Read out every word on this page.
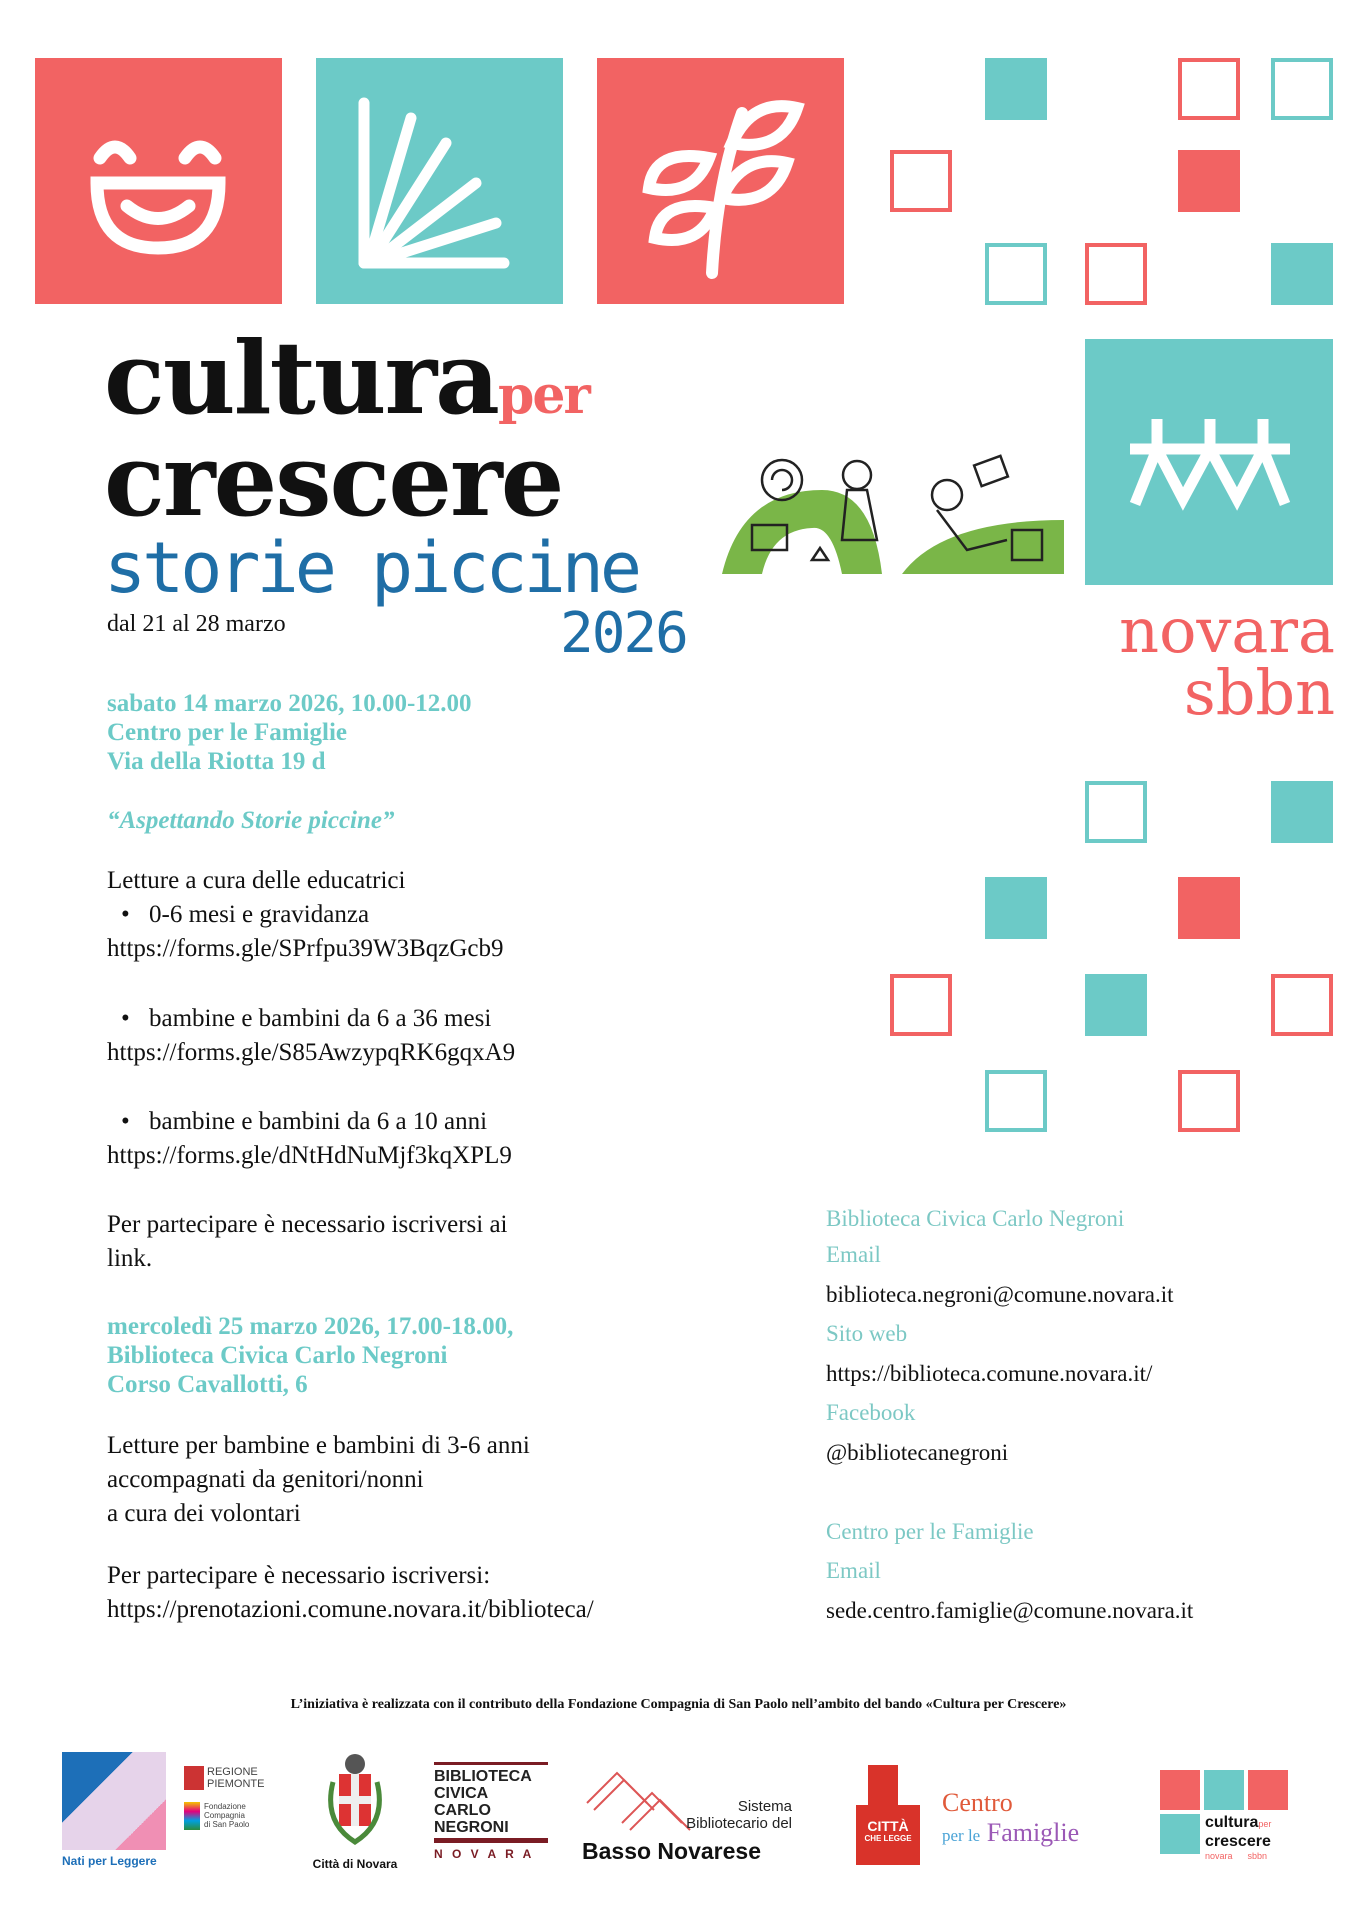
novara
sbbn
culturaper
crescere
storie piccine
2026
dal 21 al 28 marzo
sabato 14 marzo 2026, 10.00-12.00
Centro per le Famiglie
Via della Riotta 19 d
“Aspettando Storie piccine”
Letture a cura delle educatrici
• 0-6 mesi e gravidanza
https://forms.gle/SPrfpu39W3BqzGcb9
• bambine e bambini da 6 a 36 mesi
https://forms.gle/S85AwzypqRK6gqxA9
• bambine e bambini da 6 a 10 anni
https://forms.gle/dNtHdNuMjf3kqXPL9
Per partecipare è necessario iscriversi ai
link.
mercoledì 25 marzo 2026, 17.00-18.00,
Biblioteca Civica Carlo Negroni
Corso Cavallotti, 6
Letture per bambine e bambini di 3-6 anni
accompagnati da genitori/nonni
a cura dei volontari
Per partecipare è necessario iscriversi:
https://prenotazioni.comune.novara.it/biblioteca/
Biblioteca Civica Carlo Negroni
Email
biblioteca.negroni@comune.novara.it
Sito web
https://biblioteca.comune.novara.it/
Facebook
@bibliotecanegroni
Centro per le Famiglie
Email
sede.centro.famiglie@comune.novara.it
L’iniziativa è realizzata con il contributo della Fondazione Compagnia di San Paolo nell’ambito del bando «Cultura per Crescere»
Nati per Leggere
REGIONE
PIEMONTE
Fondazione
Compagnia
di San Paolo
Città di Novara
BIBLIOTECA
CIVICA
CARLO
NEGRONI
N O V A R A
Sistema
Bibliotecario del
Basso Novarese
CITTÀ
CHE LEGGE
Centro
per le Famiglie	culturaper
crescere
novara sbbn
